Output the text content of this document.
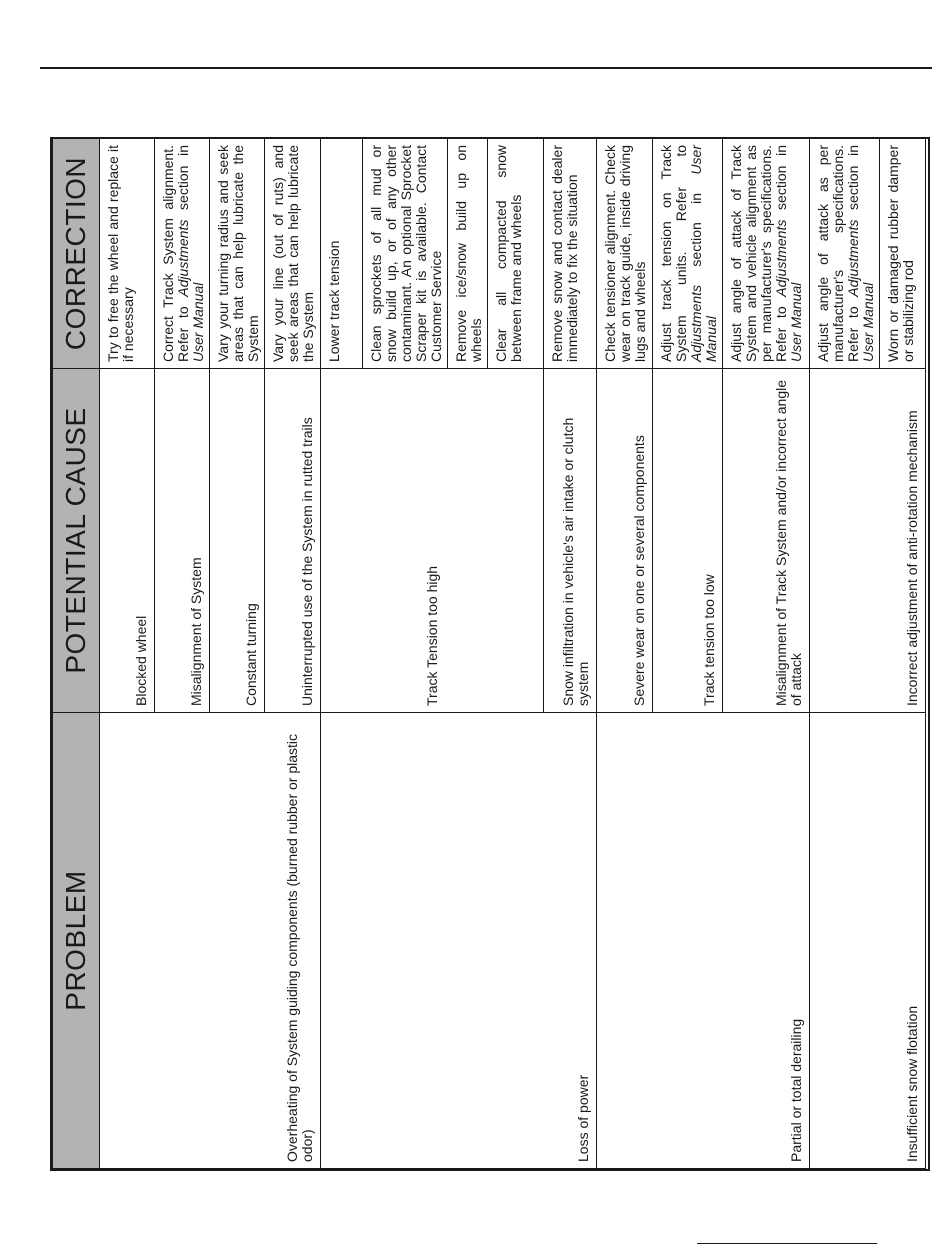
PROBLEM	POTENTIAL CAUSE	CORRECTION
Overheating of System guiding components (burned rubber or plastic odor)	Blocked wheel	Try to free the wheel and replace it if necessary
	Misalignment of System	Correct Track System alignment. Refer to Adjustments section in User Manual
	Constant turning	Vary your turning radius and seek areas that can help lubricate the System
	Uninterrupted use of the System in rutted trails	Vary your line (out of ruts) and seek areas that can help lubricate the System
Loss of power	Track Tension too high	Lower track tension
		Clean sprockets of all mud or snow build up, or of any other contaminant. An optional Sprocket Scraper kit is available. Contact Customer Service
		Remove ice/snow build up on wheels
		Clear all compacted snow between frame and wheels
	Snow infiltration in vehicle's air intake or clutch system	Remove snow and contact dealer immediately to fix the situation
Partial or total derailing	Severe wear on one or several components	Check tensioner alignment. Check wear on track guide, inside driving lugs and wheels
	Track tension too low	Adjust track tension on Track System units. Refer to Adjustments section in User Manual
	Misalignment of Track System and/or incorrect angle of attack	Adjust angle of attack of Track System and vehicle alignment as per manufacturer's specifications. Refer to Adjustments section in User Manual
Insufficient snow flotation	Incorrect adjustment of anti-rotation mechanism	Adjust angle of attack as per manufacturer's specifications. Refer to Adjustments section in User Manual
		Worn or damaged rubber damper or stabilizing rod
